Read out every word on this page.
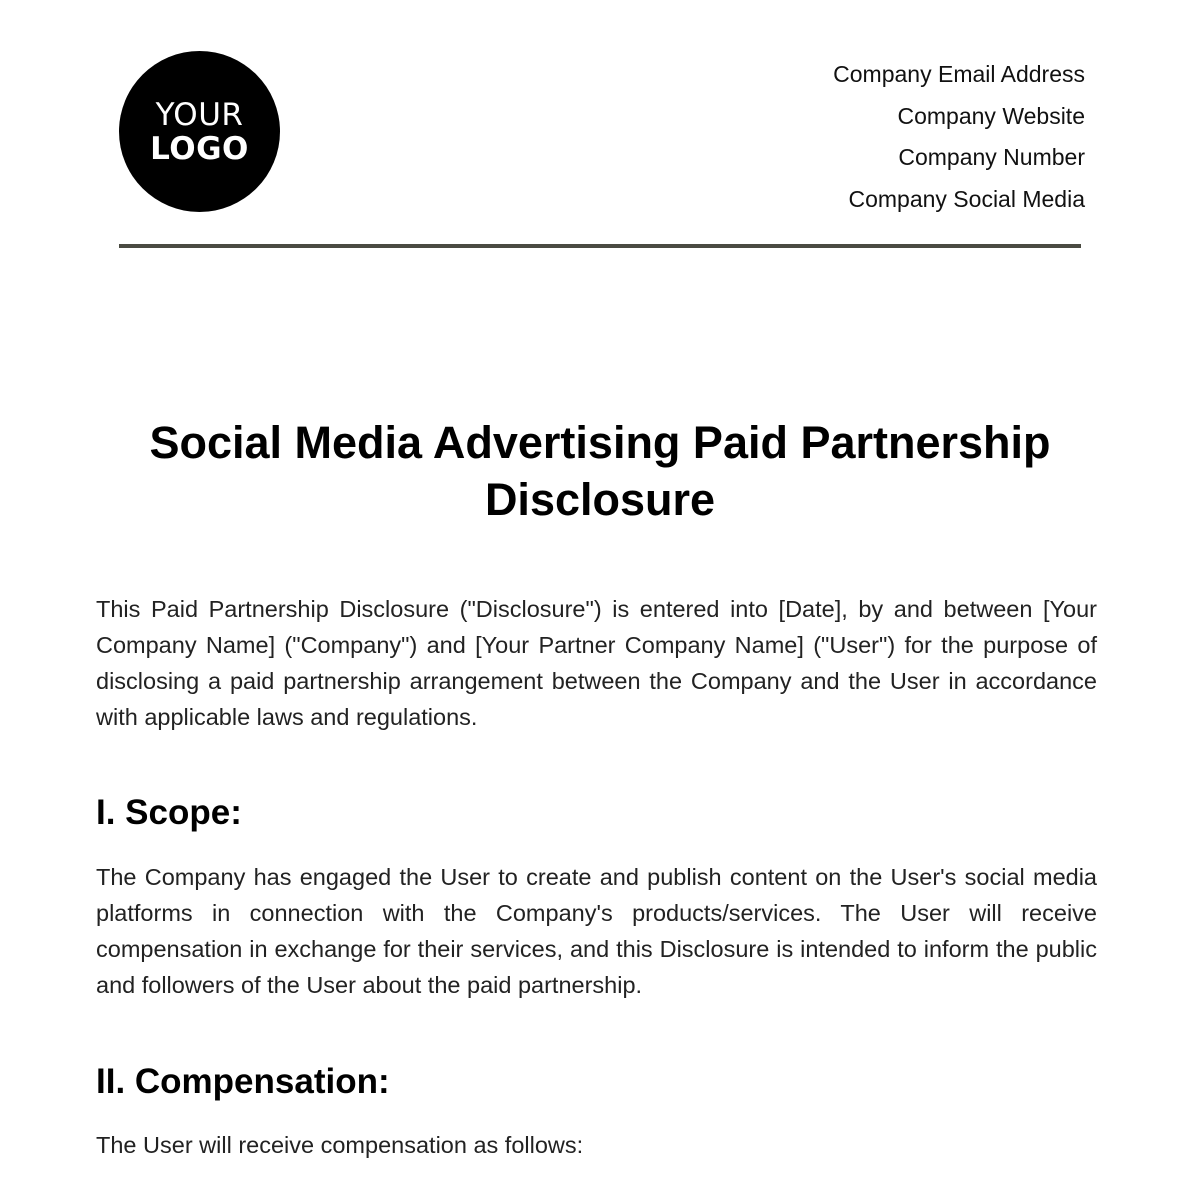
YOUR
LOGO
Company Email Address
Company Website
Company Number
Company Social Media
Social Media Advertising Paid Partnership Disclosure

This Paid Partnership Disclosure ("Disclosure") is entered into [Date], by and between [Your Company Name] ("Company") and [Your Partner Company Name] ("User") for the purpose of disclosing a paid partnership arrangement between the Company and the User in accordance with applicable laws and regulations.

I. Scope:

The Company has engaged the User to create and publish content on the User's social media platforms in connection with the Company's products/services. The User will receive compensation in exchange for their services, and this Disclosure is intended to inform the public and followers of the User about the paid partnership.

II. Compensation:

The User will receive compensation as follows:
